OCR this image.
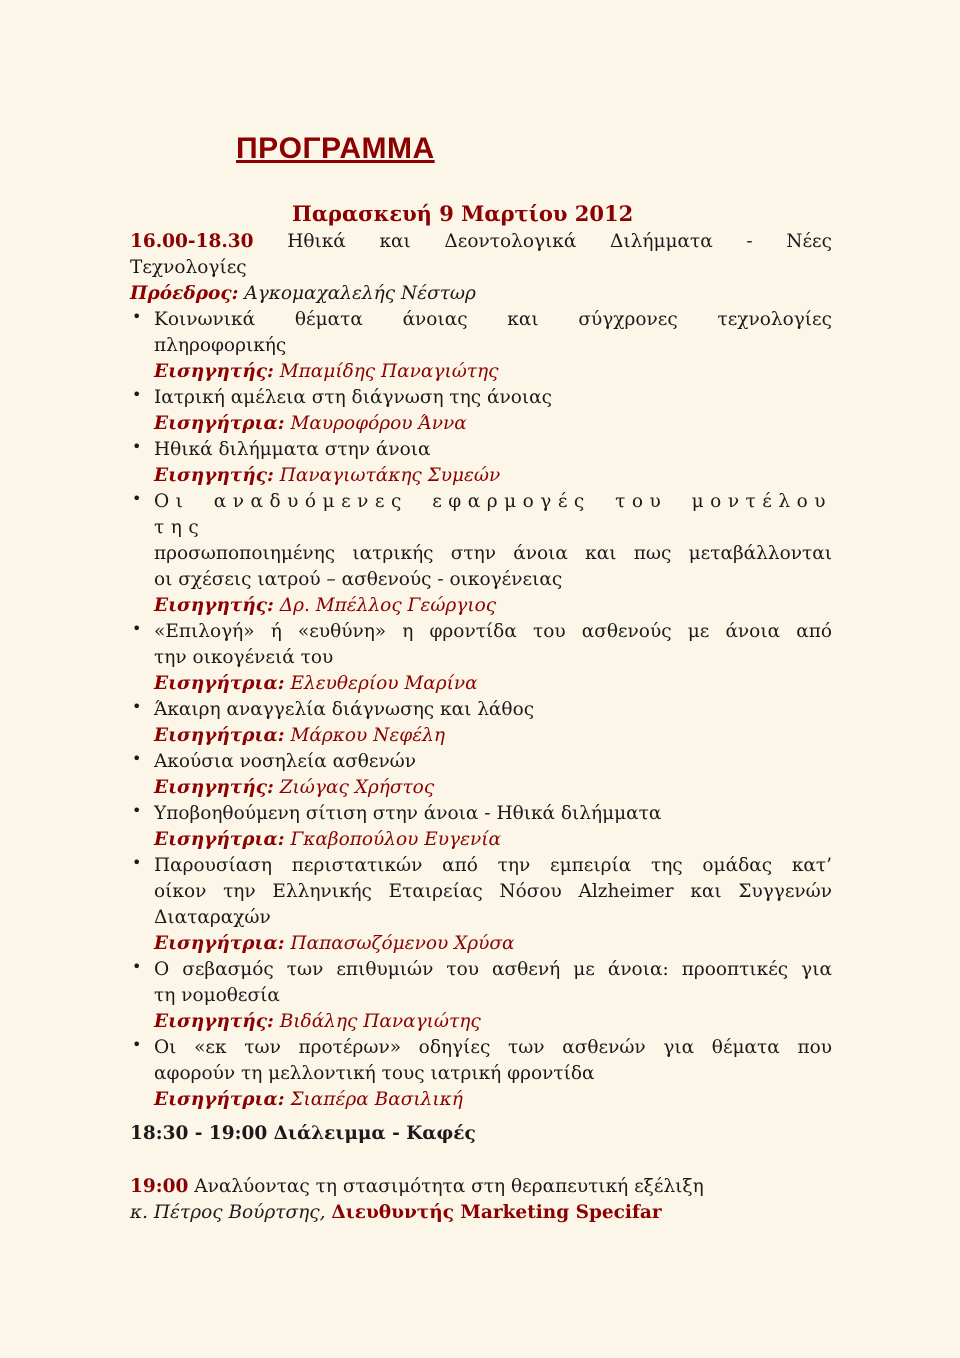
ΠΡΟΓΡΑΜΜΑ
Παρασκευή 9 Μαρτίου 2012
16.00-18.30 Ηθικά και Δεοντολογικά Διλήμματα - Νέες
Τεχνολογίες
Πρόεδρος: Αγκομαχαλελής Νέστωρ
• Κοινωνικά θέματα άνοιας και σύγχρονες τεχνολογίες
πληροφορικής
Εισηγητής: Μπαμίδης Παναγιώτης
• Ιατρική αμέλεια στη διάγνωση της άνοιας
Εισηγήτρια: Μαυροφόρου Άννα
• Ηθικά διλήμματα στην άνοια
Εισηγητής: Παναγιωτάκης Συμεών
• Οι αναδυόμενες εφαρμογές του μοντέλου της
προσωποποιημένης ιατρικής στην άνοια και πως μεταβάλλονται
οι σχέσεις ιατρού – ασθενούς - οικογένειας
Εισηγητής: Δρ. Μπέλλος Γεώργιος
• «Επιλογή» ή «ευθύνη» η φροντίδα του ασθενούς με άνοια από
την οικογένειά του
Εισηγήτρια: Ελευθερίου Μαρίνα
• Άκαιρη αναγγελία διάγνωσης και λάθος
Εισηγήτρια: Μάρκου Νεφέλη
• Ακούσια νοσηλεία ασθενών
Εισηγητής: Ζιώγας Χρήστος
• Υποβοηθούμενη σίτιση στην άνοια - Ηθικά διλήμματα
Εισηγήτρια: Γκαβοπούλου Ευγενία
• Παρουσίαση περιστατικών από την εμπειρία της ομάδας κατ’
οίκον την Ελληνικής Εταιρείας Νόσου Alzheimer και Συγγενών
Διαταραχών
Εισηγήτρια: Παπασωζόμενου Χρύσα
• Ο σεβασμός των επιθυμιών του ασθενή με άνοια: προοπτικές για
τη νομοθεσία
Εισηγητής: Βιδάλης Παναγιώτης
• Οι «εκ των προτέρων» οδηγίες των ασθενών για θέματα που
αφορούν τη μελλοντική τους ιατρική φροντίδα
Εισηγήτρια: Σιαπέρα Βασιλική
18:30 - 19:00 Διάλειμμα - Καφές
19:00 Αναλύοντας τη στασιμότητα στη θεραπευτική εξέλιξη
κ. Πέτρος Βούρτσης, Διευθυντής Marketing Specifar
